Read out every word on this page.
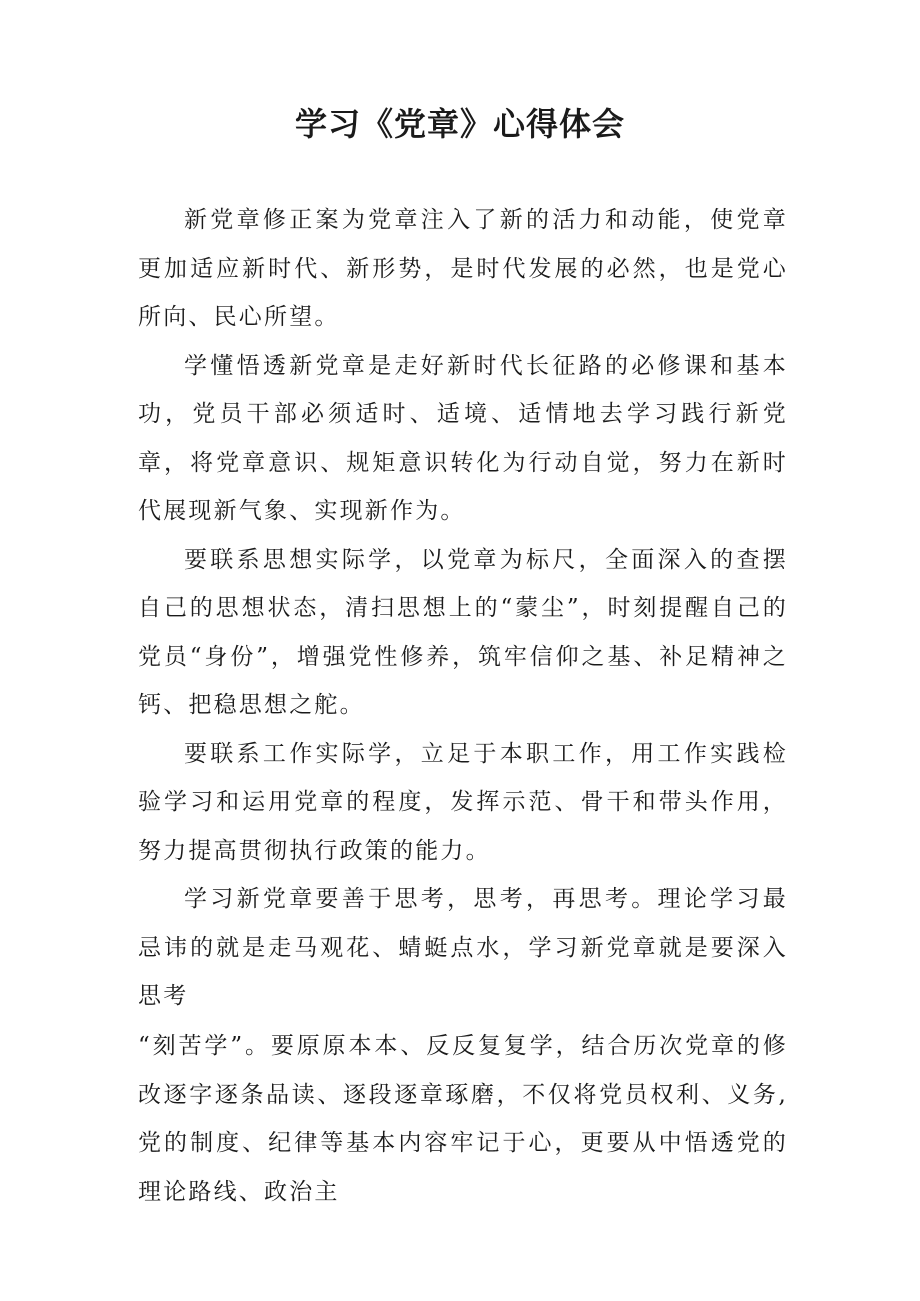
学习《党章》心得体会

新党章修正案为党章注入了新的活力和动能，使党章更加适应新时代、新形势，是时代发展的必然，也是党心所向、民心所望。

学懂悟透新党章是走好新时代长征路的必修课和基本功，党员干部必须适时、适境、适情地去学习践行新党章，将党章意识、规矩意识转化为行动自觉，努力在新时代展现新气象、实现新作为。

要联系思想实际学，以党章为标尺，全面深入的查摆自己的思想状态，清扫思想上的“蒙尘”，时刻提醒自己的党员“身份”，增强党性修养，筑牢信仰之基、补足精神之钙、把稳思想之舵。

要联系工作实际学，立足于本职工作，用工作实践检验学习和运用党章的程度，发挥示范、骨干和带头作用，努力提高贯彻执行政策的能力。

学习新党章要善于思考，思考，再思考。理论学习最忌讳的就是走马观花、蜻蜓点水，学习新党章就是要深入思考

“刻苦学”。要原原本本、反反复复学，结合历次党章的修改逐字逐条品读、逐段逐章琢磨，不仅将党员权利、义务,党的制度、纪律等基本内容牢记于心，更要从中悟透党的理论路线、政治主
